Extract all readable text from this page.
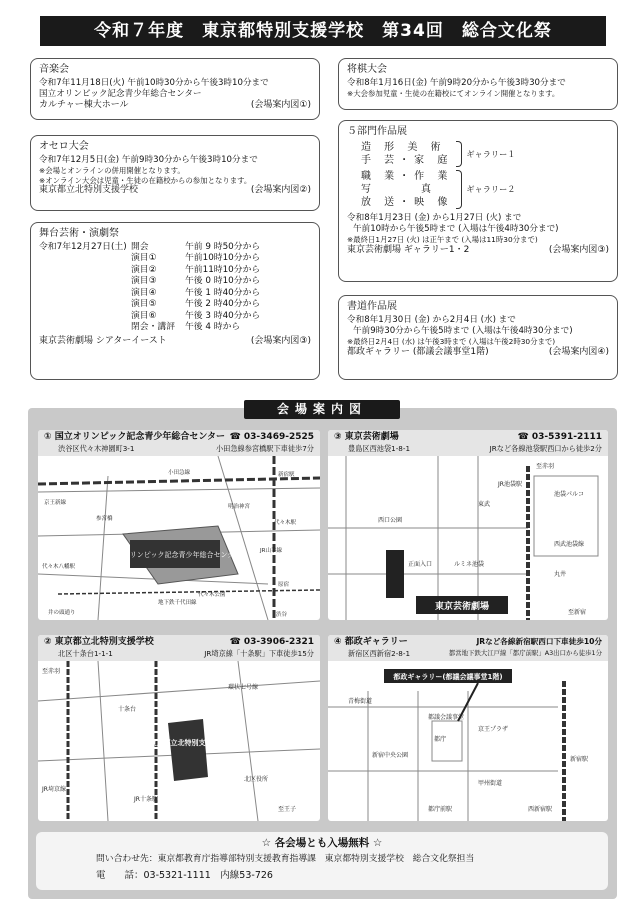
令和７年度　東京都特別支援学校　第34回　総合文化祭
音楽会
令和7年11月18日(火) 午前10時30分から午後3時10分まで
国立オリンピック記念青少年総合センター
カルチャー棟大ホール	(会場案内図①)
オセロ大会
令和7年12月5日(金) 午前9時30分から午後3時10分まで
※会場とオンラインの併用開催となります。
※オンライン大会は児童・生徒の在籍校からの参加となります。
東京都立北特別支援学校	(会場案内図②)
舞台芸術・演劇祭
令和7年12月27日(土) 開会	午前 9 時50分から
演目①	午前10時10分から
演目②	午前11時10分から
演目③	午後 0 時10分から
演目④	午後 1 時40分から
演目⑤	午後 2 時40分から
演目⑥	午後 3 時40分から
閉会・講評	午後 4 時から
東京芸術劇場 シアターイースト	(会場案内図③)
将棋大会
令和8年1月16日(金) 午前9時20分から午後3時30分まで
※大会参加児童・生徒の在籍校にてオンライン開催となります。
５部門作品展
造 形 美 術
手 芸・家 庭
ギャラリー１
職 業・作 業
写　　　真
放 送・映 像
ギャラリー２
令和8年1月23日 (金) から1月27日 (火) まで
午前10時から午後5時まで (入場は午後4時30分まで)
※最終日1月27日 (火) は正午まで (入場は11時30分まで)
東京芸術劇場 ギャラリー1・2	(会場案内図③)
書道作品展
令和8年1月30日 (金) から2月4日 (水) まで
午前9時30分から午後5時まで (入場は午後4時30分まで)
※最終日2月4日 (水) は午後3時まで (入場は午後2時30分まで)
都政ギャラリー (都議会議事堂1階)	(会場案内図④)
会場案内図
① 国立オリンピック記念青少年総合センター ☎ 03-3469-2525
渋谷区代々木神園町3-1	小田急線参宮橋駅下車徒歩7分
国立オリンピック記念青少年総合センター
京王新線
参宮橋
小田急線
代々木八幡駅
代々木公園
地下鉄千代田線
原宿
渋谷
井の頭通り
JR山手線
明治神宮
代々木駅
新宿駅
③ 東京芸術劇場	☎ 03-5391-2111
豊島区西池袋1-8-1	JRなど各線池袋駅西口から徒歩2分
東京芸術劇場
池袋パルコ
西口公園
正面入口	ルミネ池袋
東武
西武池袋線
至新宿
至赤羽
JR池袋駅
丸井
② 東京都立北特別支援学校	☎ 03-3906-2321
北区十条台1-1-1	JR埼京線「十条駅」下車徒歩15分
東京都立北特別支援学校
十条台
JR十条駅
至赤羽
至王子
環状七号線
北区役所
JR埼京線
④ 都政ギャラリー	JRなど各線新宿駅西口下車徒歩10分
新宿区西新宿2-8-1	都営地下鉄大江戸線「都庁前駅」A3出口から徒歩1分
都政ギャラリー(都議会議事堂1階)
青梅街道
都庁
新宿駅
甲州街道
京王プラザ
都議会議事堂
都庁前駅	西新宿駅
新宿中央公園
☆ 各会場とも入場無料 ☆
問い合わせ先：東京都教育庁指導部特別支援教育指導課　東京都特別支援学校　総合文化祭担当
電　　話：03-5321-1111　内線53-726
